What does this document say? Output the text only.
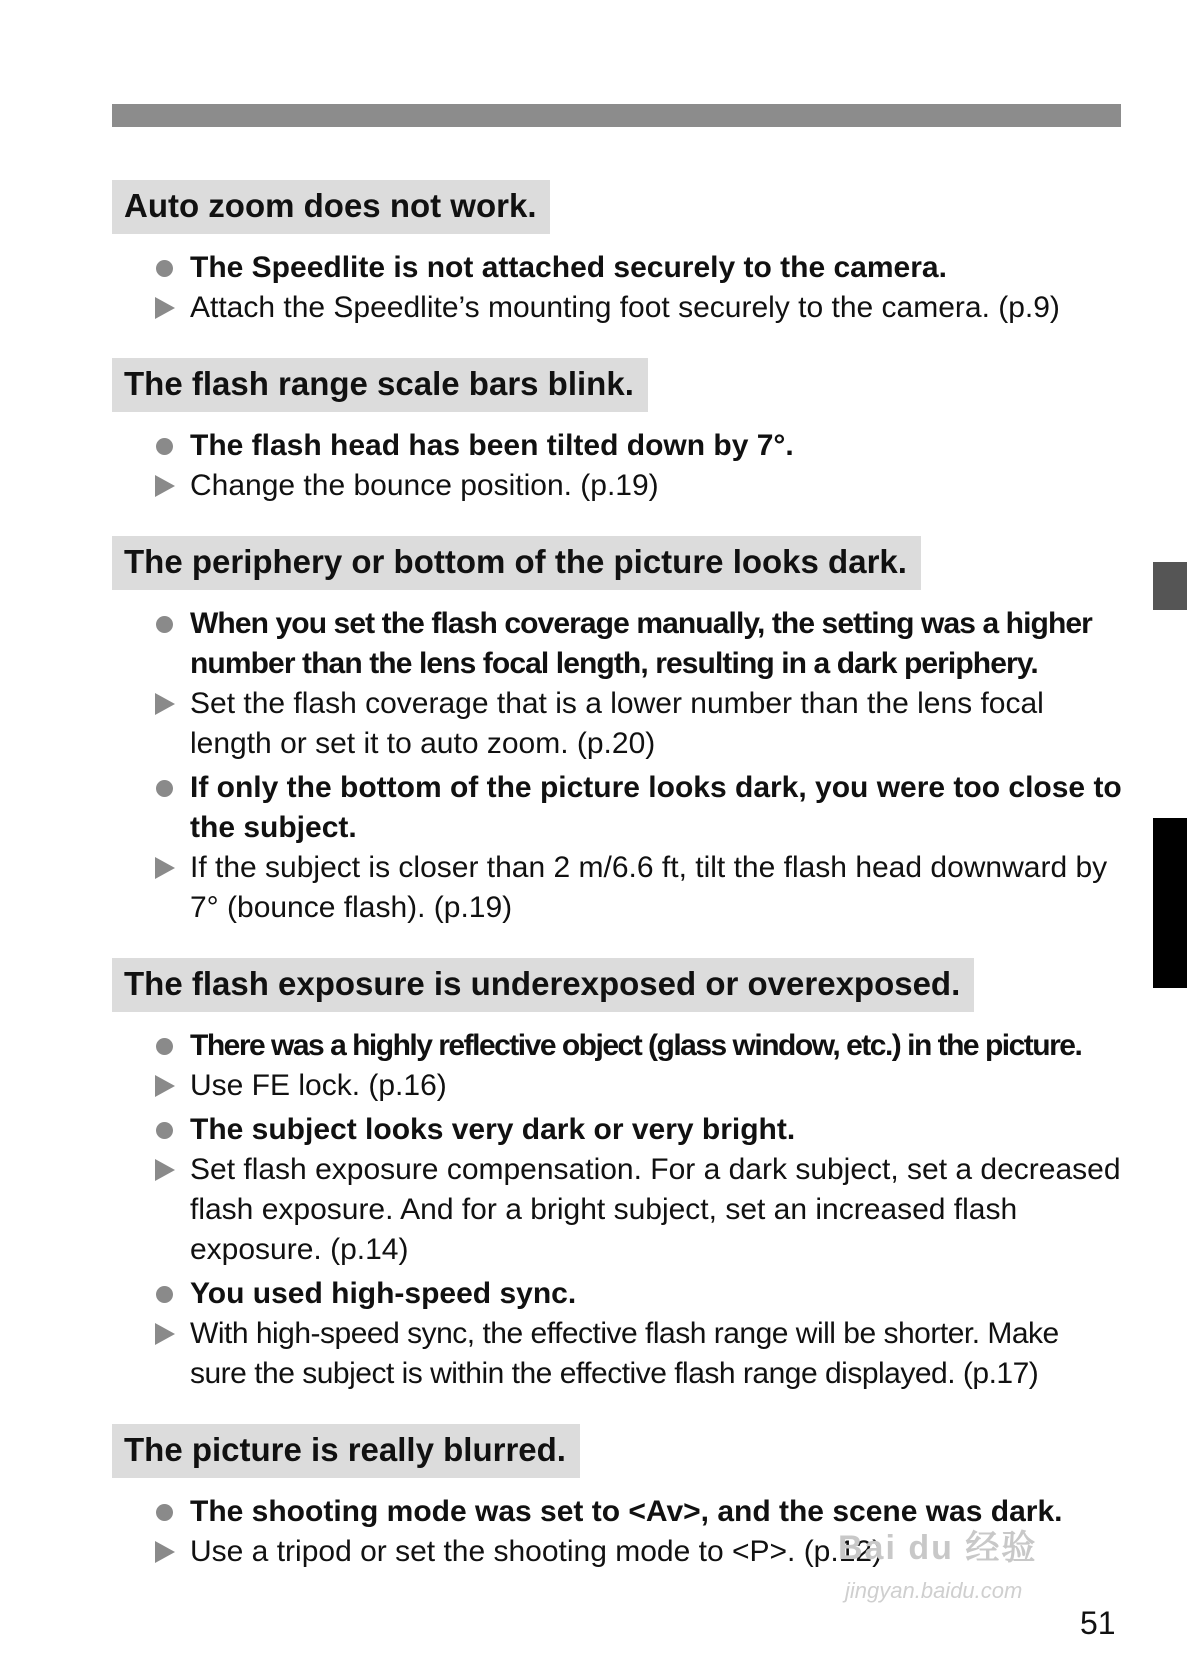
Auto zoom does not work.
The Speedlite is not attached securely to the camera.
Attach the Speedlite’s mounting foot securely to the camera. (p.9)
The flash range scale bars blink.
The flash head has been tilted down by 7°.
Change the bounce position. (p.19)
The periphery or bottom of the picture looks dark.
When you set the flash coverage manually, the setting was a higher number than the lens focal length, resulting in a dark periphery.
Set the flash coverage that is a lower number than the lens focal length or set it to auto zoom. (p.20)
If only the bottom of the picture looks dark, you were too close to the subject.
If the subject is closer than 2 m/6.6 ft, tilt the flash head downward by 7° (bounce flash). (p.19)
The flash exposure is underexposed or overexposed.
There was a highly reflective object (glass window, etc.) in the picture.
Use FE lock. (p.16)
The subject looks very dark or very bright.
Set flash exposure compensation. For a dark subject, set a decreased flash exposure. And for a bright subject, set an increased flash exposure. (p.14)
You used high-speed sync.
With high-speed sync, the effective flash range will be shorter. Make sure the subject is within the effective flash range displayed. (p.17)
The picture is really blurred.
The shooting mode was set to <Av>, and the scene was dark.
Use a tripod or set the shooting mode to <P>. (p.12)
Bai du 经验
jingyan.baidu.com
51
